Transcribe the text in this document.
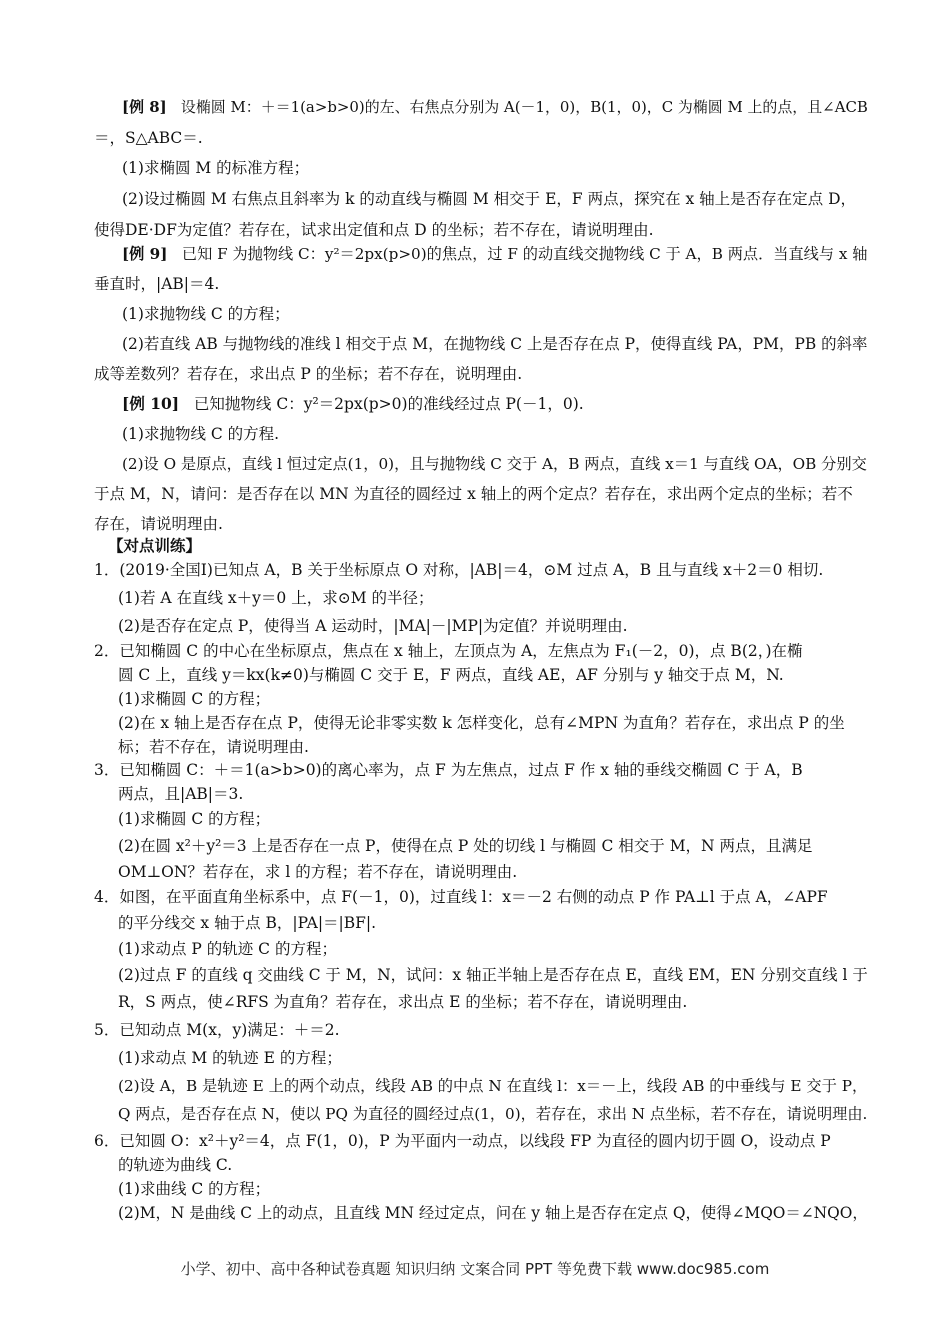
[例 8] 设椭圆 M：＋＝1(a>b>0)的左、右焦点分别为 A(－1，0)，B(1，0)，C 为椭圆 M 上的点，且∠ACB
＝，S△ABC＝.
(1)求椭圆 M 的标准方程；
(2)设过椭圆 M 右焦点且斜率为 k 的动直线与椭圆 M 相交于 E，F 两点，探究在 x 轴上是否存在定点 D，
使得DE·DF为定值？若存在，试求出定值和点 D 的坐标；若不存在，请说明理由.
[例 9] 已知 F 为抛物线 C：y²＝2px(p>0)的焦点，过 F 的动直线交抛物线 C 于 A，B 两点．当直线与 x 轴
垂直时，|AB|＝4.
(1)求抛物线 C 的方程；
(2)若直线 AB 与抛物线的准线 l 相交于点 M，在抛物线 C 上是否存在点 P，使得直线 PA，PM，PB 的斜率
成等差数列？若存在，求出点 P 的坐标；若不存在，说明理由.
[例 10] 已知抛物线 C：y²＝2px(p>0)的准线经过点 P(－1，0).
(1)求抛物线 C 的方程.
(2)设 O 是原点，直线 l 恒过定点(1，0)，且与抛物线 C 交于 A，B 两点，直线 x＝1 与直线 OA，OB 分别交
于点 M，N，请问：是否存在以 MN 为直径的圆经过 x 轴上的两个定点？若存在，求出两个定点的坐标；若不
存在，请说明理由.
【对点训练】
1．(2019·全国Ⅰ)已知点 A，B 关于坐标原点 O 对称，|AB|＝4，⊙M 过点 A，B 且与直线 x＋2＝0 相切.
(1)若 A 在直线 x＋y＝0 上，求⊙M 的半径；
(2)是否存在定点 P，使得当 A 运动时，|MA|－|MP|为定值？并说明理由.
2．已知椭圆 C 的中心在坐标原点，焦点在 x 轴上，左顶点为 A，左焦点为 F₁(－2，0)，点 B(2，)在椭
圆 C 上，直线 y＝kx(k≠0)与椭圆 C 交于 E，F 两点，直线 AE，AF 分别与 y 轴交于点 M，N.
(1)求椭圆 C 的方程；
(2)在 x 轴上是否存在点 P，使得无论非零实数 k 怎样变化，总有∠MPN 为直角？若存在，求出点 P 的坐
标；若不存在，请说明理由.
3．已知椭圆 C：＋＝1(a>b>0)的离心率为，点 F 为左焦点，过点 F 作 x 轴的垂线交椭圆 C 于 A，B
两点，且|AB|＝3.
(1)求椭圆 C 的方程；
(2)在圆 x²＋y²＝3 上是否存在一点 P，使得在点 P 处的切线 l 与椭圆 C 相交于 M，N 两点，且满足
OM⊥ON？若存在，求 l 的方程；若不存在，请说明理由.
4．如图，在平面直角坐标系中，点 F(－1，0)，过直线 l：x＝－2 右侧的动点 P 作 PA⊥l 于点 A，∠APF
的平分线交 x 轴于点 B，|PA|＝|BF|.
(1)求动点 P 的轨迹 C 的方程；
(2)过点 F 的直线 q 交曲线 C 于 M，N，试问：x 轴正半轴上是否存在点 E，直线 EM，EN 分别交直线 l 于
R，S 两点，使∠RFS 为直角？若存在，求出点 E 的坐标；若不存在，请说明理由.
5．已知动点 M(x，y)满足：＋＝2.
(1)求动点 M 的轨迹 E 的方程；
(2)设 A，B 是轨迹 E 上的两个动点，线段 AB 的中点 N 在直线 l：x＝－上，线段 AB 的中垂线与 E 交于 P，
Q 两点，是否存在点 N，使以 PQ 为直径的圆经过点(1，0)，若存在，求出 N 点坐标，若不存在，请说明理由.
6．已知圆 O：x²＋y²＝4，点 F(1，0)，P 为平面内一动点，以线段 FP 为直径的圆内切于圆 O，设动点 P
的轨迹为曲线 C.
(1)求曲线 C 的方程；
(2)M，N 是曲线 C 上的动点，且直线 MN 经过定点，问在 y 轴上是否存在定点 Q，使得∠MQO＝∠NQO，
小学、初中、高中各种试卷真题 知识归纳 文案合同 PPT 等免费下载 www.doc985.com
